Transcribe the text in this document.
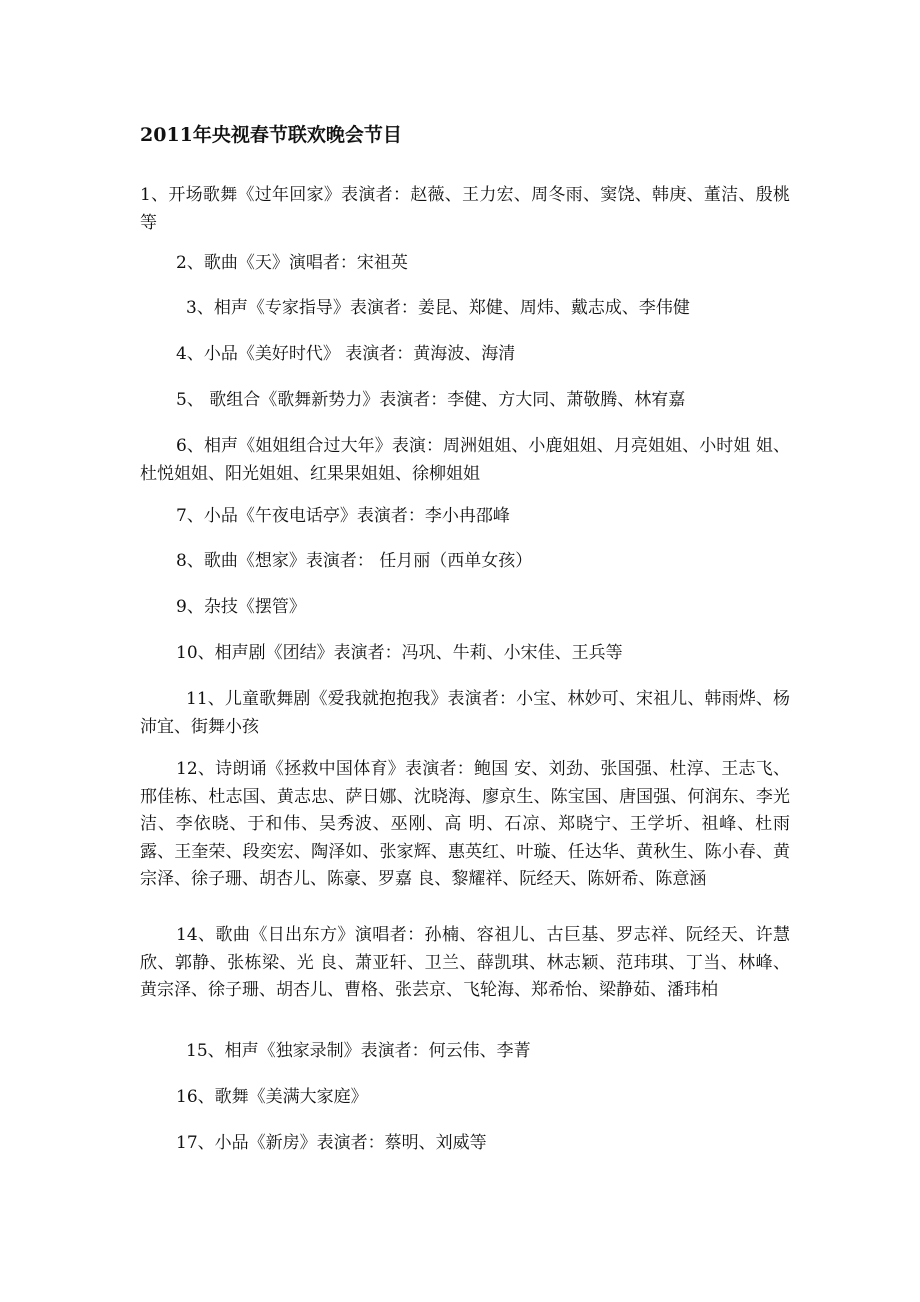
2011年央视春节联欢晚会节目
1、开场歌舞《过年回家》表演者：赵薇、王力宏、周冬雨、窦饶、韩庚、董洁、殷桃等
2、歌曲《天》演唱者：宋祖英
3、相声《专家指导》表演者：姜昆、郑健、周炜、戴志成、李伟健
4、小品《美好时代》 表演者：黄海波、海清
5、 歌组合《歌舞新势力》表演者：李健、方大同、萧敬腾、林宥嘉
6、相声《姐姐组合过大年》表演：周洲姐姐、小鹿姐姐、月亮姐姐、小时姐 姐、杜悦姐姐、阳光姐姐、红果果姐姐、徐柳姐姐
7、小品《午夜电话亭》表演者：李小冉邵峰
8、歌曲《想家》表演者： 任月丽（西单女孩）
9、杂技《摆管》
10、相声剧《团结》表演者：冯巩、牛莉、小宋佳、王兵等
11、儿童歌舞剧《爱我就抱抱我》表演者：小宝、林妙可、宋祖儿、韩雨烨、杨沛宜、街舞小孩
12、诗朗诵《拯救中国体育》表演者：鲍国 安、刘劲、张国强、杜淳、王志飞、邢佳栋、杜志国、黄志忠、萨日娜、沈晓海、廖京生、陈宝国、唐国强、何润东、李光洁、李依晓、于和伟、吴秀波、巫刚、高 明、石凉、郑晓宁、王学圻、祖峰、杜雨露、王奎荣、段奕宏、陶泽如、张家辉、惠英红、叶璇、任达华、黄秋生、陈小春、黄宗泽、徐子珊、胡杏儿、陈豪、罗嘉 良、黎耀祥、阮经天、陈妍希、陈意涵
14、歌曲《日出东方》演唱者：孙楠、容祖儿、古巨基、罗志祥、阮经天、许慧欣、郭静、张栋梁、光 良、萧亚轩、卫兰、薛凯琪、林志颖、范玮琪、丁当、林峰、黄宗泽、徐子珊、胡杏儿、曹格、张芸京、飞轮海、郑希怡、梁静茹、潘玮柏
15、相声《独家录制》表演者：何云伟、李菁
16、歌舞《美满大家庭》
17、小品《新房》表演者：蔡明、刘威等
